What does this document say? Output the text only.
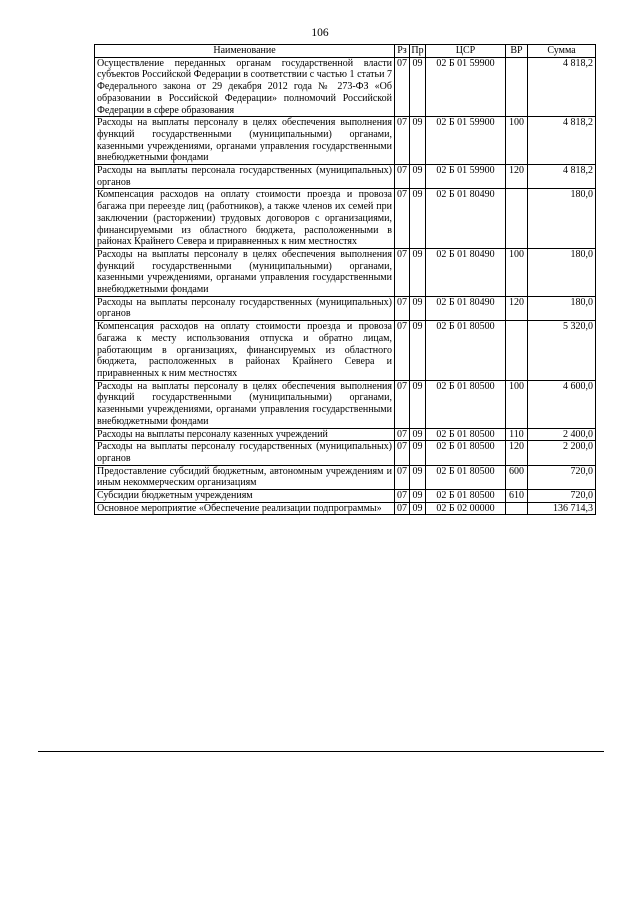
106
Наименование	Рз	Пр	ЦСР	ВР	Сумма
Осуществление переданных органам государственной власти субъектов Российской Федерации в соответствии с частью 1 статьи 7 Федерального закона от 29 декабря 2012 года № 273-ФЗ «Об образовании в Российской Федерации» полномочий Российской Федерации в сфере образования	07	09	02 Б 01 59900		4 818,2
Расходы на выплаты персоналу в целях обеспечения выполнения функций государственными (муниципальными) органами, казенными учреждениями, органами управления государственными внебюджетными фондами	07	09	02 Б 01 59900	100	4 818,2
Расходы на выплаты персонала государственных (муниципальных) органов	07	09	02 Б 01 59900	120	4 818,2
Компенсация расходов на оплату стоимости проезда и провоза багажа при переезде лиц (работников), а также членов их семей при заключении (расторжении) трудовых договоров с организациями, финансируемыми из областного бюджета, расположенными в районах Крайнего Севера и приравненных к ним местностях	07	09	02 Б 01 80490		180,0
Расходы на выплаты персоналу в целях обеспечения выполнения функций государственными (муниципальными) органами, казенными учреждениями, органами управления государственными внебюджетными фондами	07	09	02 Б 01 80490	100	180,0
Расходы на выплаты персоналу государственных (муниципальных) органов	07	09	02 Б 01 80490	120	180,0
Компенсация расходов на оплату стоимости проезда и провоза багажа к месту использования отпуска и обратно лицам, работающим в организациях, финансируемых из областного бюджета, расположенных в районах Крайнего Севера и приравненных к ним местностях	07	09	02 Б 01 80500		5 320,0
Расходы на выплаты персоналу в целях обеспечения выполнения функций государственными (муниципальными) органами, казенными учреждениями, органами управления государственными внебюджетными фондами	07	09	02 Б 01 80500	100	4 600,0
Расходы на выплаты персоналу казенных учреждений	07	09	02 Б 01 80500	110	2 400,0
Расходы на выплаты персоналу государственных (муниципальных) органов	07	09	02 Б 01 80500	120	2 200,0
Предоставление субсидий бюджетным, автономным учреждениям и иным некоммерческим организациям	07	09	02 Б 01 80500	600	720,0
Субсидии бюджетным учреждениям	07	09	02 Б 01 80500	610	720,0
Основное мероприятие «Обеспечение реализации подпрограммы»	07	09	02 Б 02 00000		136 714,3
